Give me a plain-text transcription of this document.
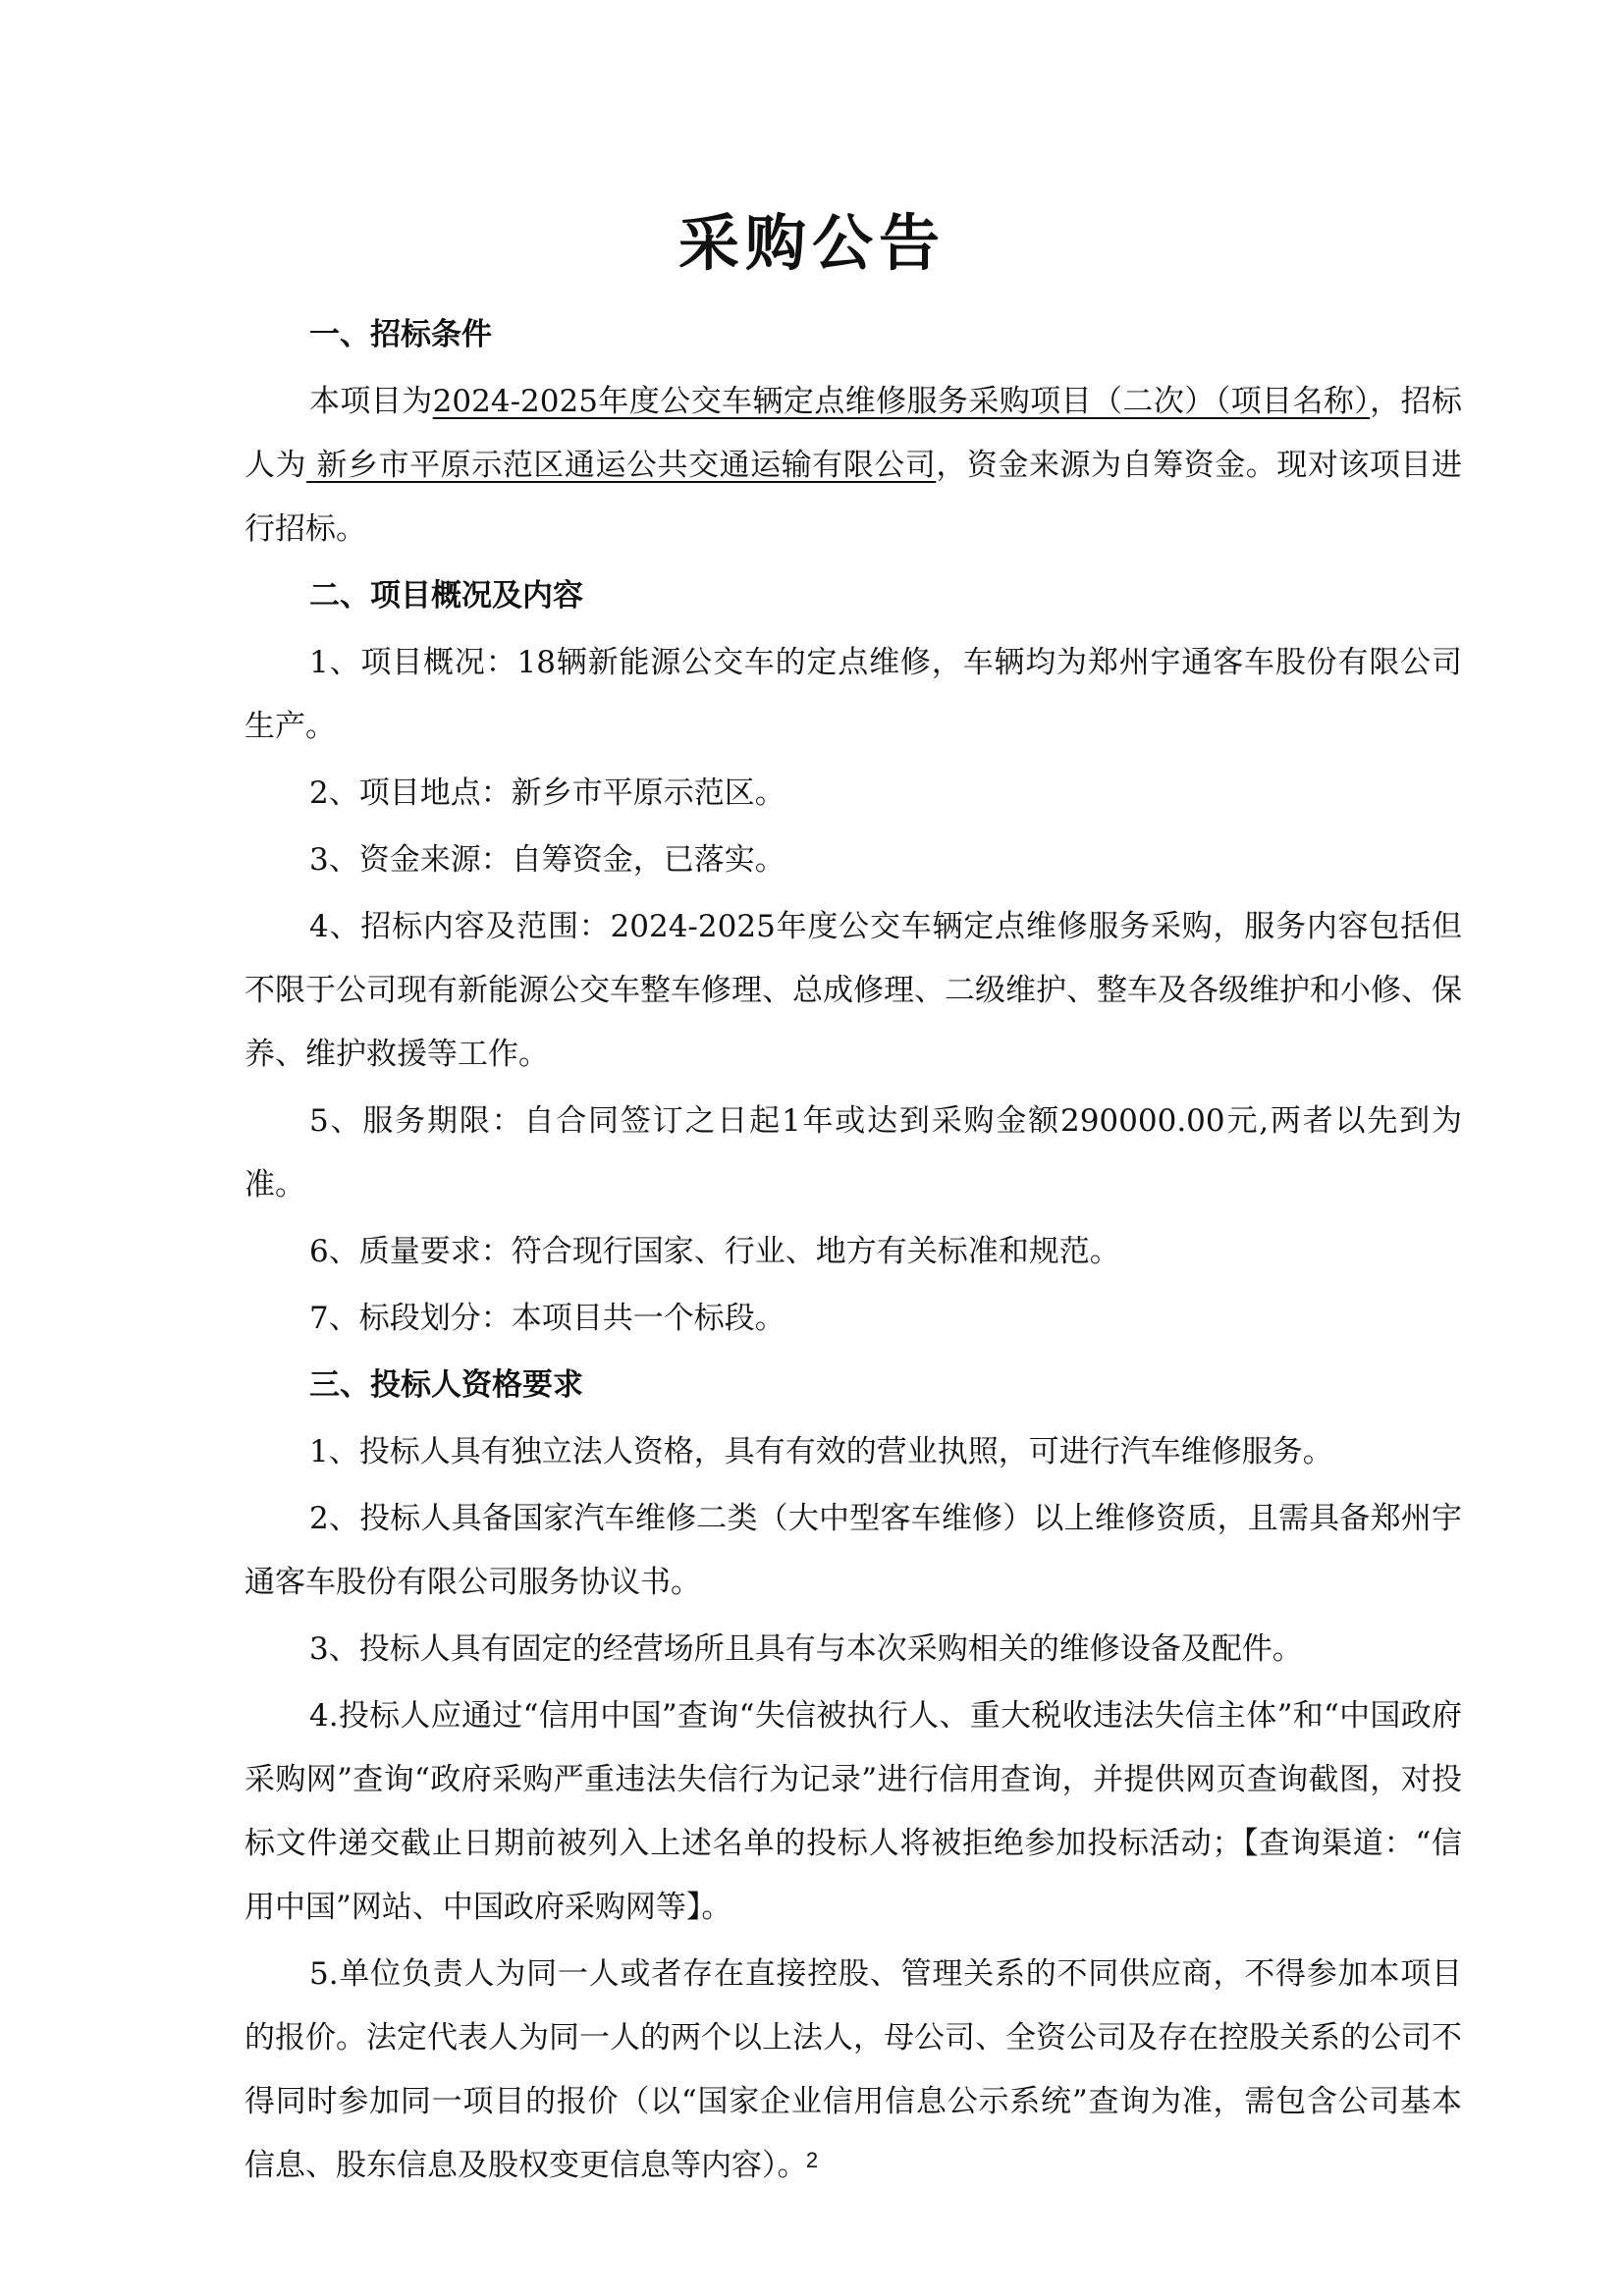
采购公告

一、招标条件

本项目为2024-2025年度公交车辆定点维修服务采购项目（二次）（项目名称），招标人为 新乡市平原示范区通运公共交通运输有限公司，资金来源为自筹资金。现对该项目进行招标。

二、项目概况及内容

1、项目概况：18辆新能源公交车的定点维修，车辆均为郑州宇通客车股份有限公司生产。

2、项目地点：新乡市平原示范区。

3、资金来源：自筹资金，已落实。

4、招标内容及范围：2024-2025年度公交车辆定点维修服务采购，服务内容包括但不限于公司现有新能源公交车整车修理、总成修理、二级维护、整车及各级维护和小修、保养、维护救援等工作。

5、服务期限：自合同签订之日起1年或达到采购金额290000.00元,两者以先到为准。

6、质量要求：符合现行国家、行业、地方有关标准和规范。

7、标段划分：本项目共一个标段。

三、投标人资格要求

1、投标人具有独立法人资格，具有有效的营业执照，可进行汽车维修服务。

2、投标人具备国家汽车维修二类（大中型客车维修）以上维修资质，且需具备郑州宇通客车股份有限公司服务协议书。

3、投标人具有固定的经营场所且具有与本次采购相关的维修设备及配件。

4.投标人应通过“信用中国”查询“失信被执行人、重大税收违法失信主体”和“中国政府采购网”查询“政府采购严重违法失信行为记录”进行信用查询，并提供网页查询截图，对投标文件递交截止日期前被列入上述名单的投标人将被拒绝参加投标活动；【查询渠道：“信用中国”网站、中国政府采购网等】。

5.单位负责人为同一人或者存在直接控股、管理关系的不同供应商，不得参加本项目的报价。法定代表人为同一人的两个以上法人，母公司、全资公司及存在控股关系的公司不得同时参加同一项目的报价（以“国家企业信用信息公示系统”查询为准，需包含公司基本信息、股东信息及股权变更信息等内容）。

2
